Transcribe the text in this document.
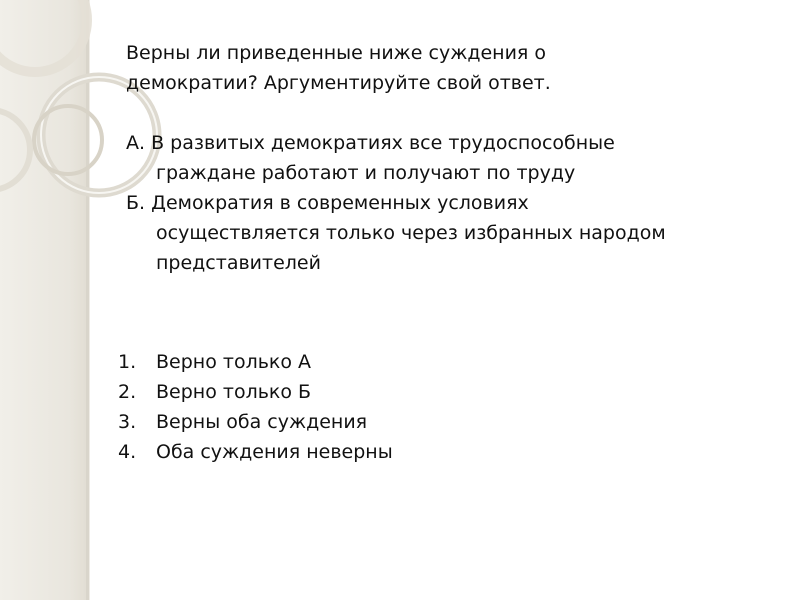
Верны ли приведенные ниже суждения о

демократии? Аргументируйте свой ответ.

А. В развитых демократиях все трудоспособные
граждане работают и получают по труду
Б. Демократия в современных условиях
осуществляется только через избранных народом
представителей
1.	Верно только А
2.	Верно только Б
3.	Верны оба суждения
4.	Оба суждения неверны
